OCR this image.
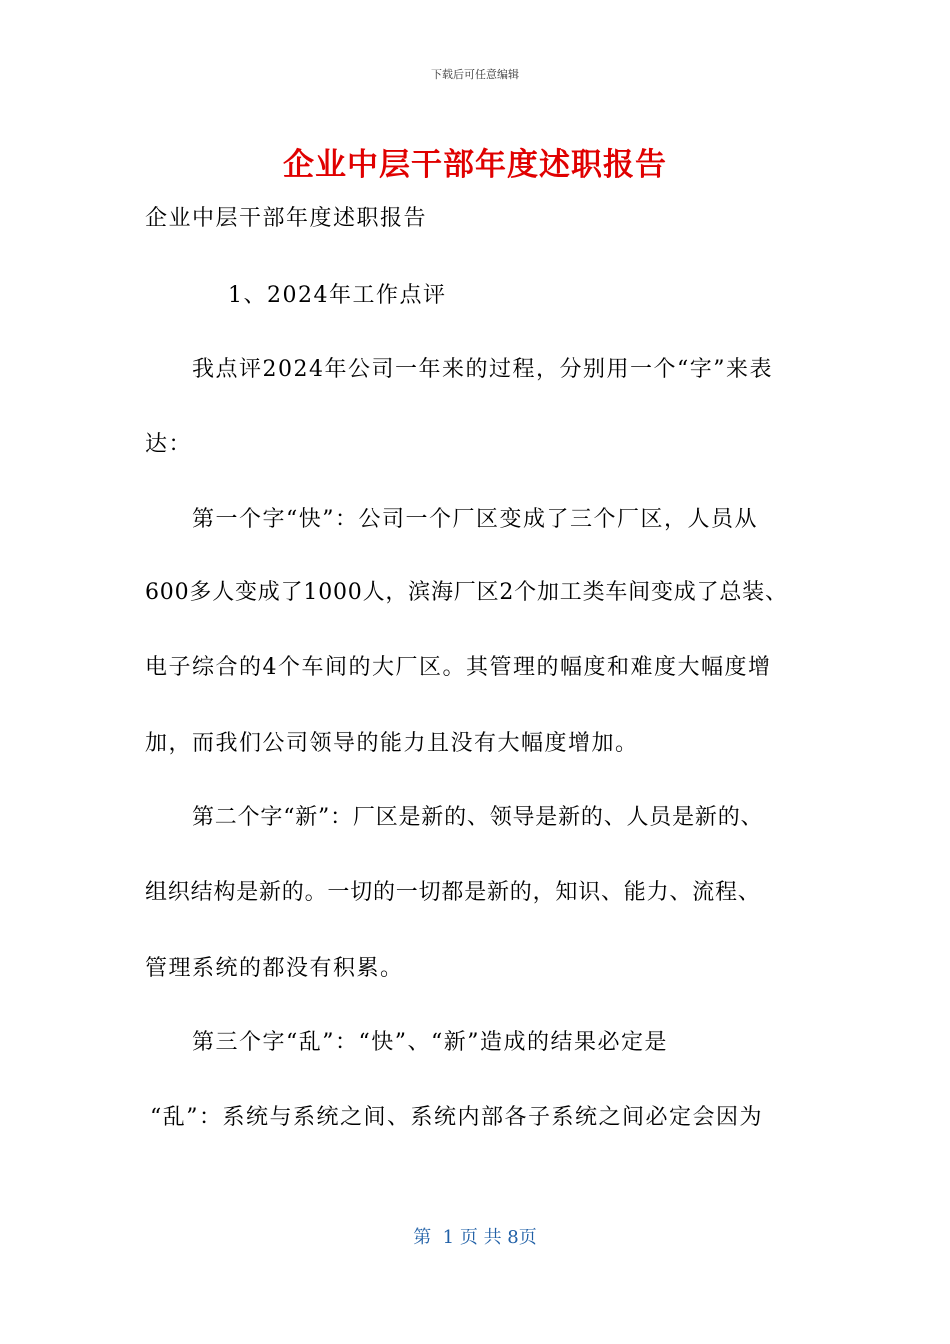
下载后可任意编辑
企业中层干部年度述职报告
企业中层干部年度述职报告
1、2024年工作点评
我点评2024年公司一年来的过程，分别用一个“字”来表
达：
第一个字“快”：公司一个厂区变成了三个厂区，人员从
600多人变成了1000人，滨海厂区2个加工类车间变成了总装、
电子综合的4个车间的大厂区。其管理的幅度和难度大幅度增
加，而我们公司领导的能力且没有大幅度增加。
第二个字“新”：厂区是新的、领导是新的、人员是新的、
组织结构是新的。一切的一切都是新的，知识、能力、流程、
管理系统的都没有积累。
第三个字“乱”：“快”、“新”造成的结果必定是
“乱”：系统与系统之间、系统内部各子系统之间必定会因为
第  1 页 共 8页
